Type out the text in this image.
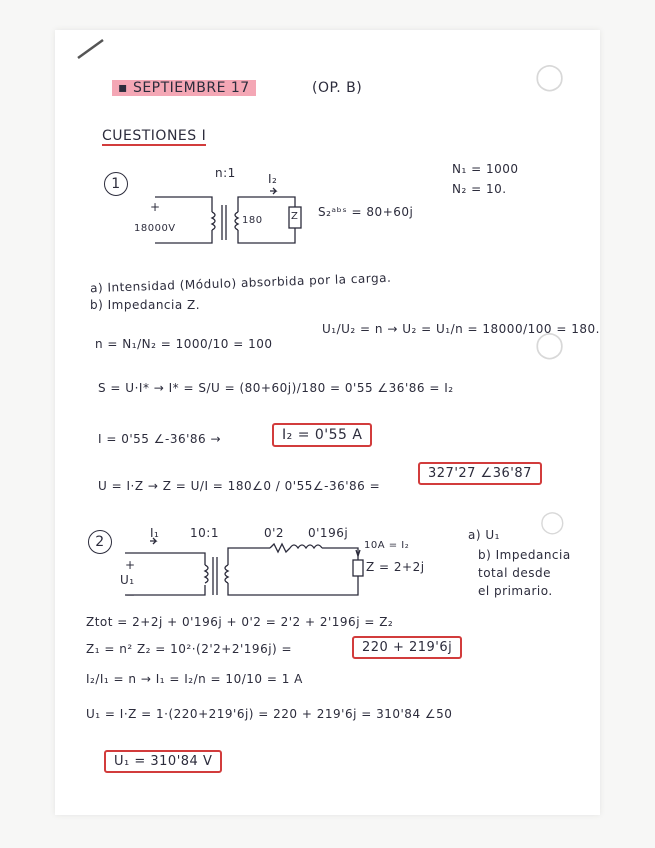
◯
◯
◯
▪ SEPTIEMBRE 17	(OP. B)
CUESTIONES I
1
n:1	I₂
N₁ = 1000
N₂ = 10.
+
18000V
180	Z S₂ᵃᵇˢ = 80+60j
a) Intensidad (Módulo) absorbida por la carga.
b) Impedancia Z.
n = N₁/N₂ = 1000/10 = 100
U₁/U₂ = n → U₂ = U₁/n = 18000/100 = 180.
S = U·I* → I* = S/U = (80+60j)/180 = 0'55 ∠36'86 = I₂
I = 0'55 ∠-36'86 →	I₂ = 0'55 A
U = I·Z → Z = U/I = 180∠0 / 0'55∠-36'86 =
327'27 ∠36'87
2
I₁	10:1	0'2 0'196j
10A = I₂
Z = 2+2j
+
U₁
−
a) U₁
b) Impedancia
total desde
el primario.
Ztot = 2+2j + 0'196j + 0'2 = 2'2 + 2'196j = Z₂
Z₁ = n² Z₂ = 10²·(2'2+2'196j) =	220 + 219'6j
I₂/I₁ = n → I₁ = I₂/n = 10/10 = 1 A
U₁ = I·Z = 1·(220+219'6j) = 220 + 219'6j = 310'84 ∠50
U₁ = 310'84 V
